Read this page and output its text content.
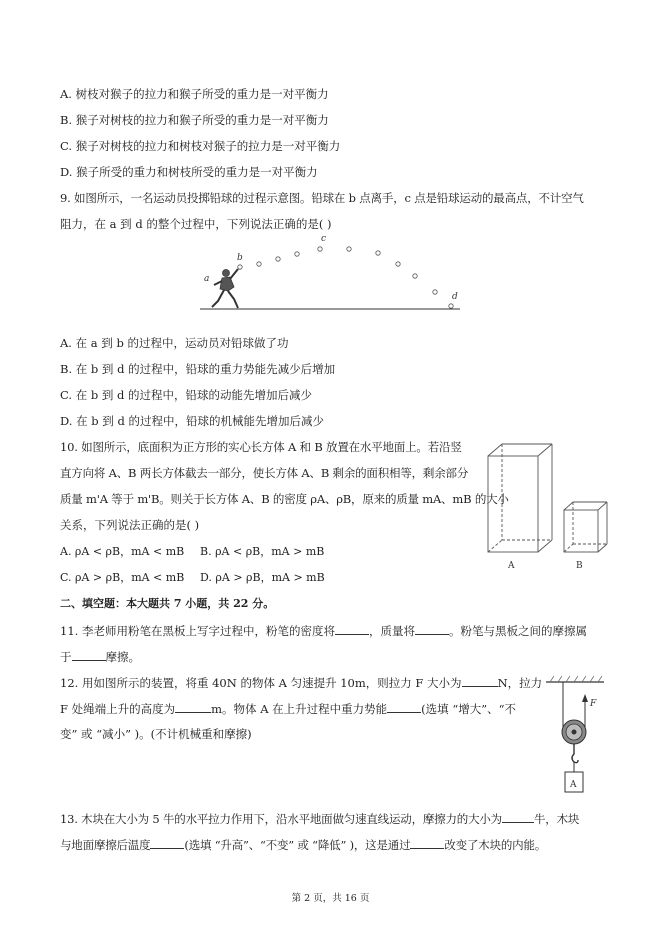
A. 树枝对猴子的拉力和猴子所受的重力是一对平衡力
B. 猴子对树枝的拉力和猴子所受的重力是一对平衡力
C. 猴子对树枝的拉力和树枝对猴子的拉力是一对平衡力
D. 猴子所受的重力和树枝所受的重力是一对平衡力
9. 如图所示，一名运动员投掷铅球的过程示意图。铅球在 b 点离手，c 点是铅球运动的最高点，不计空气
阻力，在 a 到 d 的整个过程中，下列说法正确的是( )
a
b
c
d
A. 在 a 到 b 的过程中，运动员对铅球做了功
B. 在 b 到 d 的过程中，铅球的重力势能先减少后增加
C. 在 b 到 d 的过程中，铅球的动能先增加后减少
D. 在 b 到 d 的过程中，铅球的机械能先增加后减少
10. 如图所示，底面积为正方形的实心长方体 A 和 B 放置在水平地面上。若沿竖
直方向将 A、B 两长方体截去一部分，使长方体 A、B 剩余的面积相等，剩余部分
质量 m'A 等于 m'B。则关于长方体 A、B 的密度 ρA、ρB，原来的质量 mA、mB 的大小
关系，下列说法正确的是( )
A. ρA < ρB，mA < mB B. ρA < ρB，mA > mB
C. ρA > ρB，mA < mB D. ρA > ρB，mA > mB
A	B
二、填空题：本大题共 7 小题，共 22 分。
11. 李老师用粉笔在黑板上写字过程中，粉笔的密度将	，质量将	。粉笔与黑板之间的摩擦属
于	摩擦。
12. 用如图所示的装置，将重 40N 的物体 A 匀速提升 10m，则拉力 F 大小为	N，拉力
F 处绳端上升的高度为	m。物体 A 在上升过程中重力势能	(选填 “增大”、“不
变” 或 “减小” )。(不计机械重和摩擦)
F
A
13. 木块在大小为 5 牛的水平拉力作用下，沿水平地面做匀速直线运动，摩擦力的大小为	牛，木块
与地面摩擦后温度	(选填 “升高”、“不变” 或 “降低” )，这是通过	改变了木块的内能。
第 2 页，共 16 页
